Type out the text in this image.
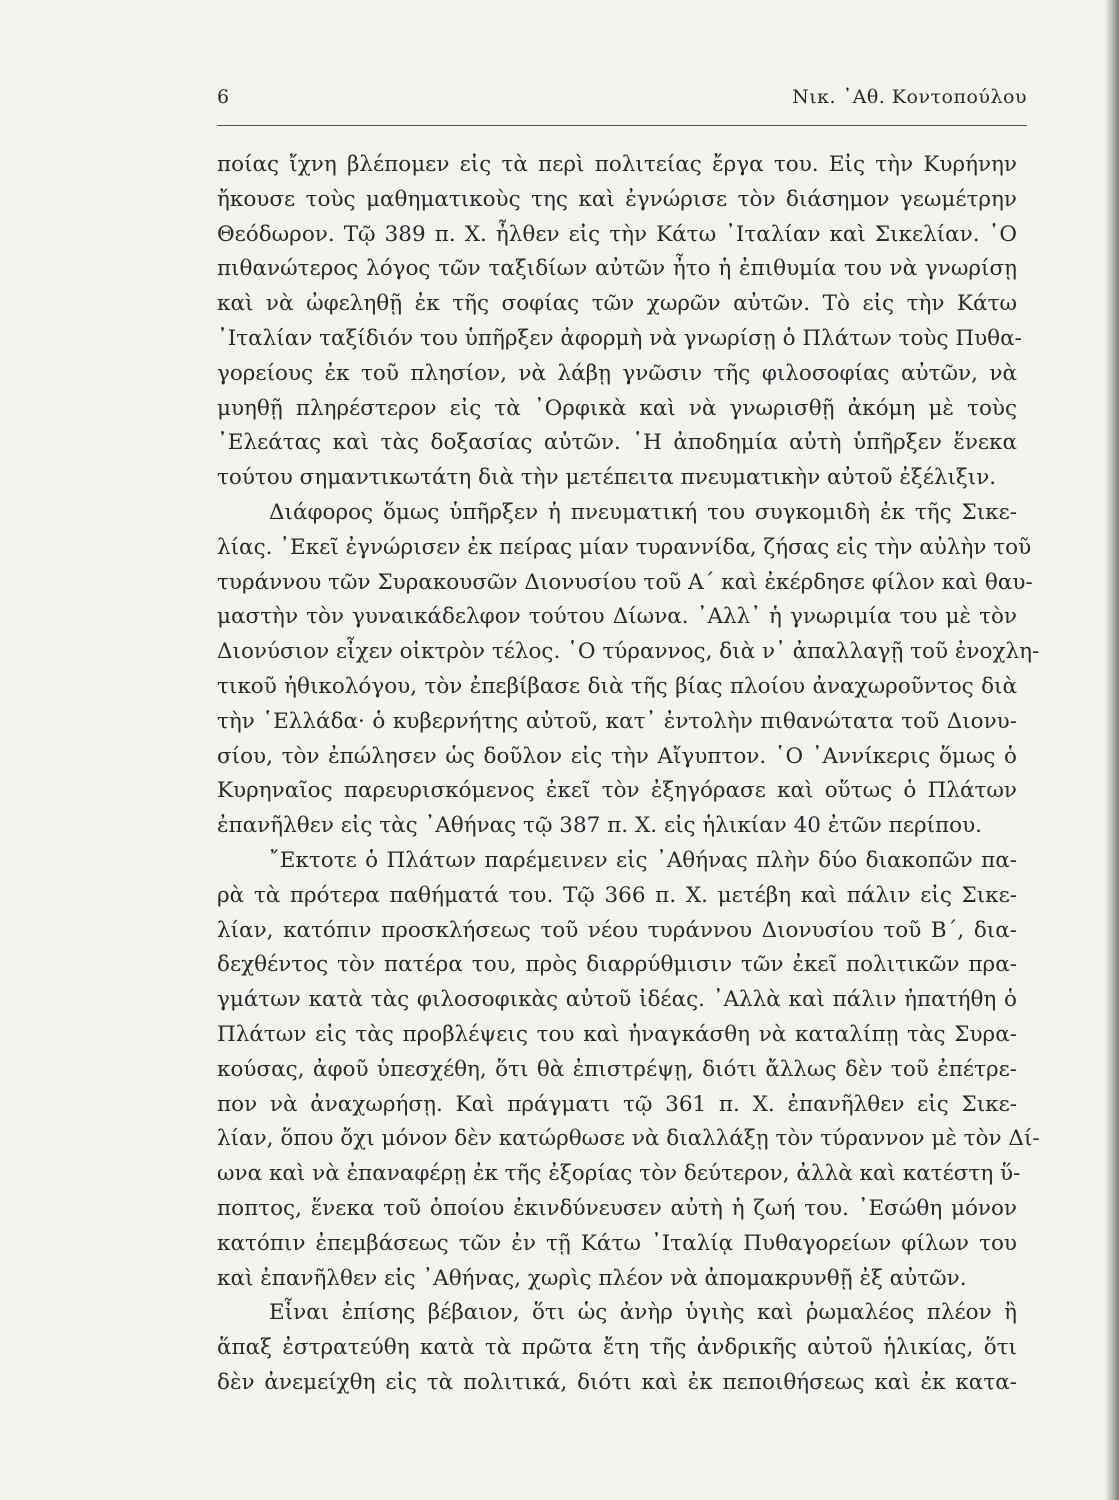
6	Νικ. ᾿Αθ. Κοντοπούλου
ποίας ἴχνη βλέπομεν εἰς τὰ περὶ πολιτείας ἔργα του. Εἰς τὴν Κυρήνην
ἤκουσε τοὺς μαθηματικοὺς της καὶ ἐγνώρισε τὸν διάσημον γεωμέτρην
Θεόδωρον. Τῷ 389 π. Χ. ἦλθεν εἰς τὴν Κάτω ᾿Ιταλίαν καὶ Σικελίαν. ῾Ο
πιθανώτερος λόγος τῶν ταξιδίων αὐτῶν ἦτο ἡ ἐπιθυμία του νὰ γνωρίσῃ
καὶ νὰ ὠφεληθῇ ἐκ τῆς σοφίας τῶν χωρῶν αὐτῶν. Τὸ εἰς τὴν Κάτω
᾿Ιταλίαν ταξίδιόν του ὑπῆρξεν ἀφορμὴ νὰ γνωρίσῃ ὁ Πλάτων τοὺς Πυθα-
γορείους ἐκ τοῦ πλησίον, νὰ λάβῃ γνῶσιν τῆς φιλοσοφίας αὐτῶν, νὰ
μυηθῇ πληρέστερον εἰς τὰ ᾿Ορφικὰ καὶ νὰ γνωρισθῇ ἀκόμη μὲ τοὺς
᾿Ελεάτας καὶ τὰς δοξασίας αὐτῶν. ῾Η ἀποδημία αὐτὴ ὑπῆρξεν ἕνεκα
τούτου σημαντικωτάτη διὰ τὴν μετέπειτα πνευματικὴν αὐτοῦ ἐξέλιξιν.
Διάφορος ὅμως ὑπῆρξεν ἡ πνευματική του συγκομιδὴ ἐκ τῆς Σικε-
λίας. ᾿Εκεῖ ἐγνώρισεν ἐκ πείρας μίαν τυραννίδα, ζήσας εἰς τὴν αὐλὴν τοῦ
τυράννου τῶν Συρακουσῶν Διονυσίου τοῦ Α΄ καὶ ἐκέρδησε φίλον καὶ θαυ-
μαστὴν τὸν γυναικάδελφον τούτου Δίωνα. ᾿Αλλ᾿ ἡ γνωριμία του μὲ τὸν
Διονύσιον εἶχεν οἰκτρὸν τέλος. ῾Ο τύραννος, διὰ ν᾿ ἀπαλλαγῇ τοῦ ἐνοχλη-
τικοῦ ἠθικολόγου, τὸν ἐπεβίβασε διὰ τῆς βίας πλοίου ἀναχωροῦντος διὰ
τὴν ῾Ελλάδα· ὁ κυβερνήτης αὐτοῦ, κατ᾿ ἐντολὴν πιθανώτατα τοῦ Διονυ-
σίου, τὸν ἐπώλησεν ὡς δοῦλον εἰς τὴν Αἴγυπτον. ῾Ο ᾿Αννίκερις ὅμως ὁ
Κυρηναῖος παρευρισκόμενος ἐκεῖ τὸν ἐξηγόρασε καὶ οὕτως ὁ Πλάτων
ἐπανῆλθεν εἰς τὰς ᾿Αθήνας τῷ 387 π. Χ. εἰς ἡλικίαν 40 ἐτῶν περίπου.
῎Εκτοτε ὁ Πλάτων παρέμεινεν εἰς ᾿Αθήνας πλὴν δύο διακοπῶν πα-
ρὰ τὰ πρότερα παθήματά του. Τῷ 366 π. Χ. μετέβη καὶ πάλιν εἰς Σικε-
λίαν, κατόπιν προσκλήσεως τοῦ νέου τυράννου Διονυσίου τοῦ Β΄, δια-
δεχθέντος τὸν πατέρα του, πρὸς διαρρύθμισιν τῶν ἐκεῖ πολιτικῶν πρα-
γμάτων κατὰ τὰς φιλοσοφικὰς αὐτοῦ ἰδέας. ᾿Αλλὰ καὶ πάλιν ἠπατήθη ὁ
Πλάτων εἰς τὰς προβλέψεις του καὶ ἠναγκάσθη νὰ καταλίπῃ τὰς Συρα-
κούσας, ἀφοῦ ὑπεσχέθη, ὅτι θὰ ἐπιστρέψῃ, διότι ἄλλως δὲν τοῦ ἐπέτρε-
πον νὰ ἀναχωρήσῃ. Καὶ πράγματι τῷ 361 π. Χ. ἐπανῆλθεν εἰς Σικε-
λίαν, ὅπου ὄχι μόνον δὲν κατώρθωσε νὰ διαλλάξῃ τὸν τύραννον μὲ τὸν Δί-
ωνα καὶ νὰ ἐπαναφέρῃ ἐκ τῆς ἐξορίας τὸν δεύτερον, ἀλλὰ καὶ κατέστη ὕ-
ποπτος, ἕνεκα τοῦ ὁποίου ἐκινδύνευσεν αὐτὴ ἡ ζωή του. ᾿Εσώθη μόνον
κατόπιν ἐπεμβάσεως τῶν ἐν τῇ Κάτω ᾿Ιταλίᾳ Πυθαγορείων φίλων του
καὶ ἐπανῆλθεν εἰς ᾿Αθήνας, χωρὶς πλέον νὰ ἀπομακρυνθῇ ἐξ αὐτῶν.
Εἶναι ἐπίσης βέβαιον, ὅτι ὡς ἀνὴρ ὑγιὴς καὶ ῥωμαλέος πλέον ἢ
ἅπαξ ἐστρατεύθη κατὰ τὰ πρῶτα ἔτη τῆς ἀνδρικῆς αὐτοῦ ἡλικίας, ὅτι
δὲν ἀνεμείχθη εἰς τὰ πολιτικά, διότι καὶ ἐκ πεποιθήσεως καὶ ἐκ κατα-
